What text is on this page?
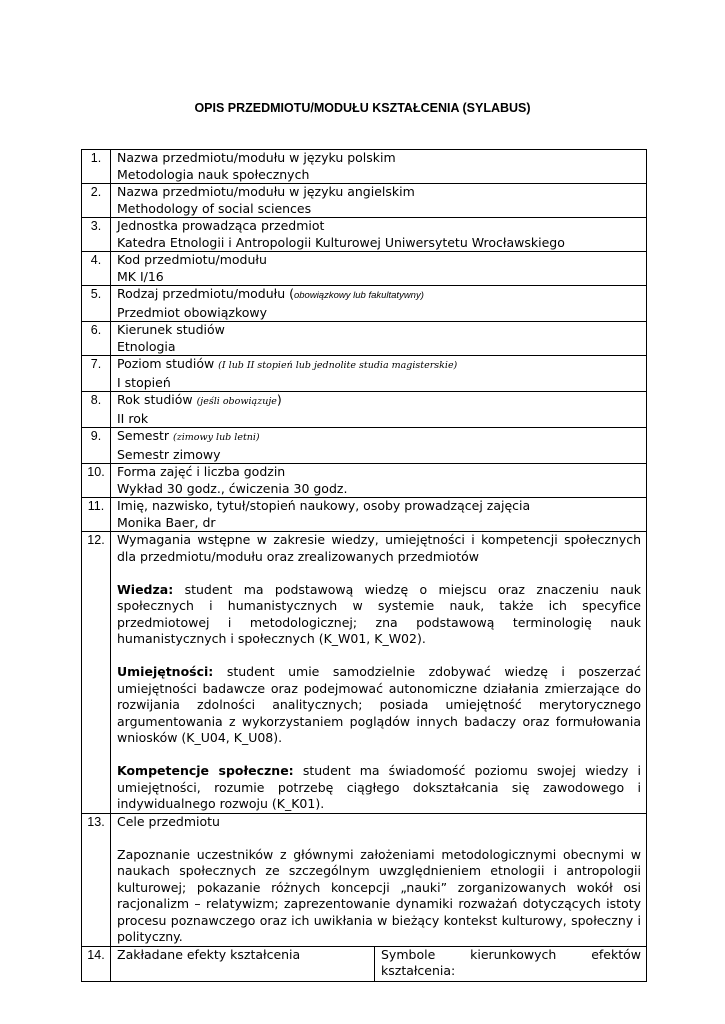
OPIS PRZEDMIOTU/MODUŁU KSZTAŁCENIA (SYLABUS)
1.	Nazwa przedmiotu/modułu w języku polskim
Metodologia nauk społecznych	

2.	Nazwa przedmiotu/modułu w języku angielskim
Methodology of social sciences	

3.	Jednostka prowadząca przedmiot
Katedra Etnologii i Antropologii Kulturowej Uniwersytetu Wrocławskiego	

4.	Kod przedmiotu/modułu
MK I/16	

5.	Rodzaj przedmiotu/modułu (obowiązkowy lub fakultatywny)
Przedmiot obowiązkowy	

6.	Kierunek studiów
Etnologia	

7.	Poziom studiów (I lub II stopień lub jednolite studia magisterskie)
I stopień	

8.	Rok studiów (jeśli obowiązuje)
II rok	

9.	Semestr (zimowy lub letni)
Semestr zimowy	

10.	Forma zajęć i liczba godzin
Wykład 30 godz., ćwiczenia 30 godz.	

11.	Imię, nazwisko, tytuł/stopień naukowy, osoby prowadzącej zajęcia
Monika Baer, dr	

12.	Wymagania wstępne w zakresie wiedzy, umiejętności i kompetencji społecznych dla przedmiotu/modułu oraz zrealizowanych przedmiotów
Wiedza: student ma podstawową wiedzę o miejscu oraz znaczeniu nauk społecznych i humanistycznych w systemie nauk, także ich specyfice przedmiotowej i metodologicznej; zna podstawową terminologię nauk humanistycznych i społecznych (K_W01, K_W02).
Umiejętności: student umie samodzielnie zdobywać wiedzę i poszerzać umiejętności badawcze oraz podejmować autonomiczne działania zmierzające do rozwijania zdolności analitycznych; posiada umiejętność merytorycznego argumentowania z wykorzystaniem poglądów innych badaczy oraz formułowania wniosków (K_U04, K_U08).
Kompetencje społeczne: student ma świadomość poziomu swojej wiedzy i umiejętności, rozumie potrzebę ciągłego dokształcania się zawodowego i indywidualnego rozwoju (K_K01).	

13.	Cele przedmiotu
Zapoznanie uczestników z głównymi założeniami metodologicznymi obecnymi w naukach społecznych ze szczególnym uwzględnieniem etnologii i antropologii kulturowej; pokazanie różnych koncepcji „nauki” zorganizowanych wokół osi racjonalizm – relatywizm; zaprezentowanie dynamiki rozważań dotyczących istoty procesu poznawczego oraz ich uwikłania w bieżący kontekst kulturowy, społeczny i polityczny.	

14.	Zakładane efekty kształcenia	Symbole kierunkowych efektów kształcenia:
